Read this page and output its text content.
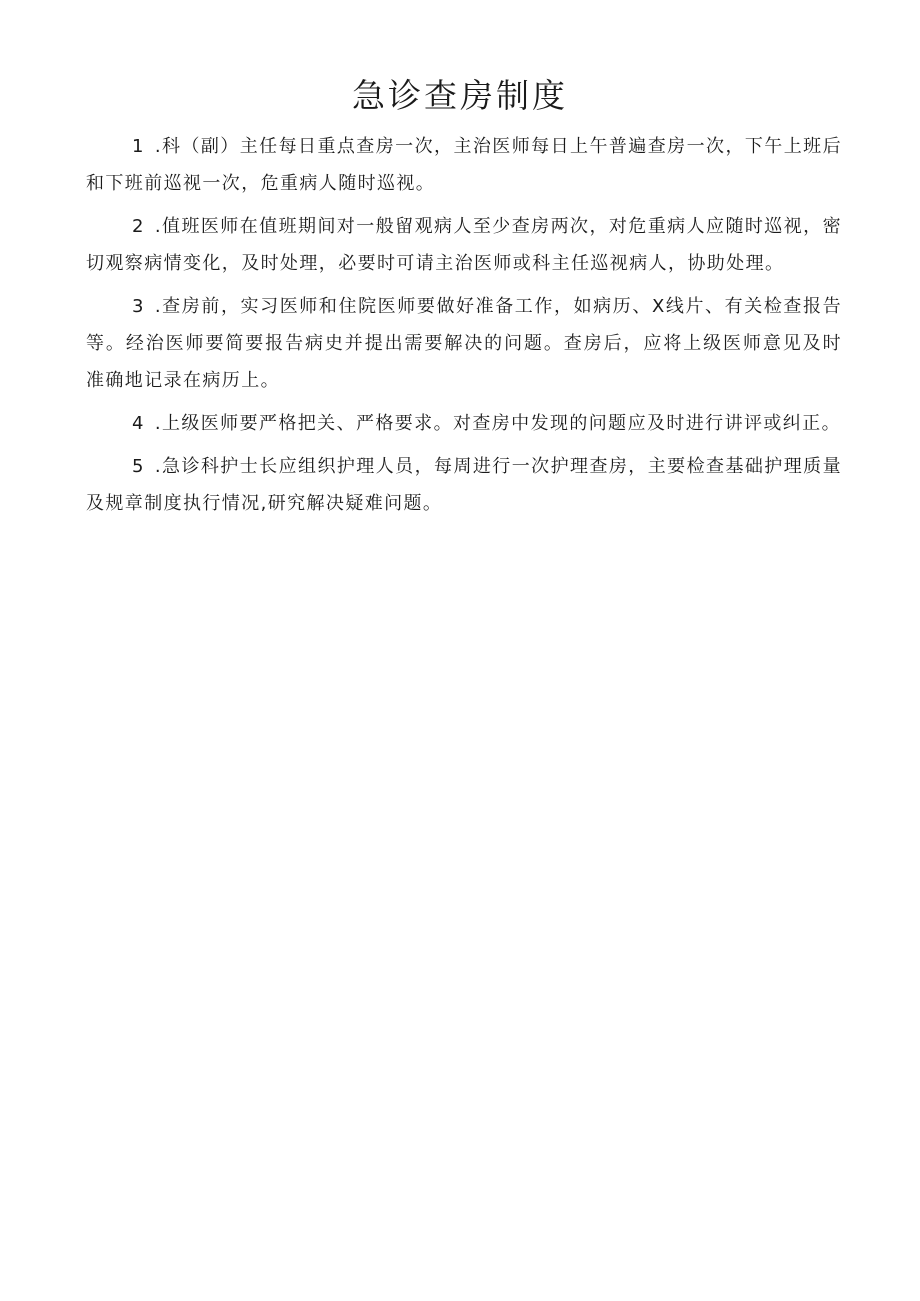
急诊查房制度

1 .科（副）主任每日重点查房一次，主治医师每日上午普遍查房一次，下午上班后和下班前巡视一次，危重病人随时巡视。

2 .值班医师在值班期间对一般留观病人至少查房两次，对危重病人应随时巡视，密切观察病情变化，及时处理，必要时可请主治医师或科主任巡视病人，协助处理。

3 .查房前，实习医师和住院医师要做好准备工作，如病历、X线片、有关检查报告等。经治医师要简要报告病史并提出需要解决的问题。查房后，应将上级医师意见及时准确地记录在病历上。

4 .上级医师要严格把关、严格要求。对查房中发现的问题应及时进行讲评或纠正。

5 .急诊科护士长应组织护理人员，每周进行一次护理查房，主要检查基础护理质量及规章制度执行情况,研究解决疑难问题。
